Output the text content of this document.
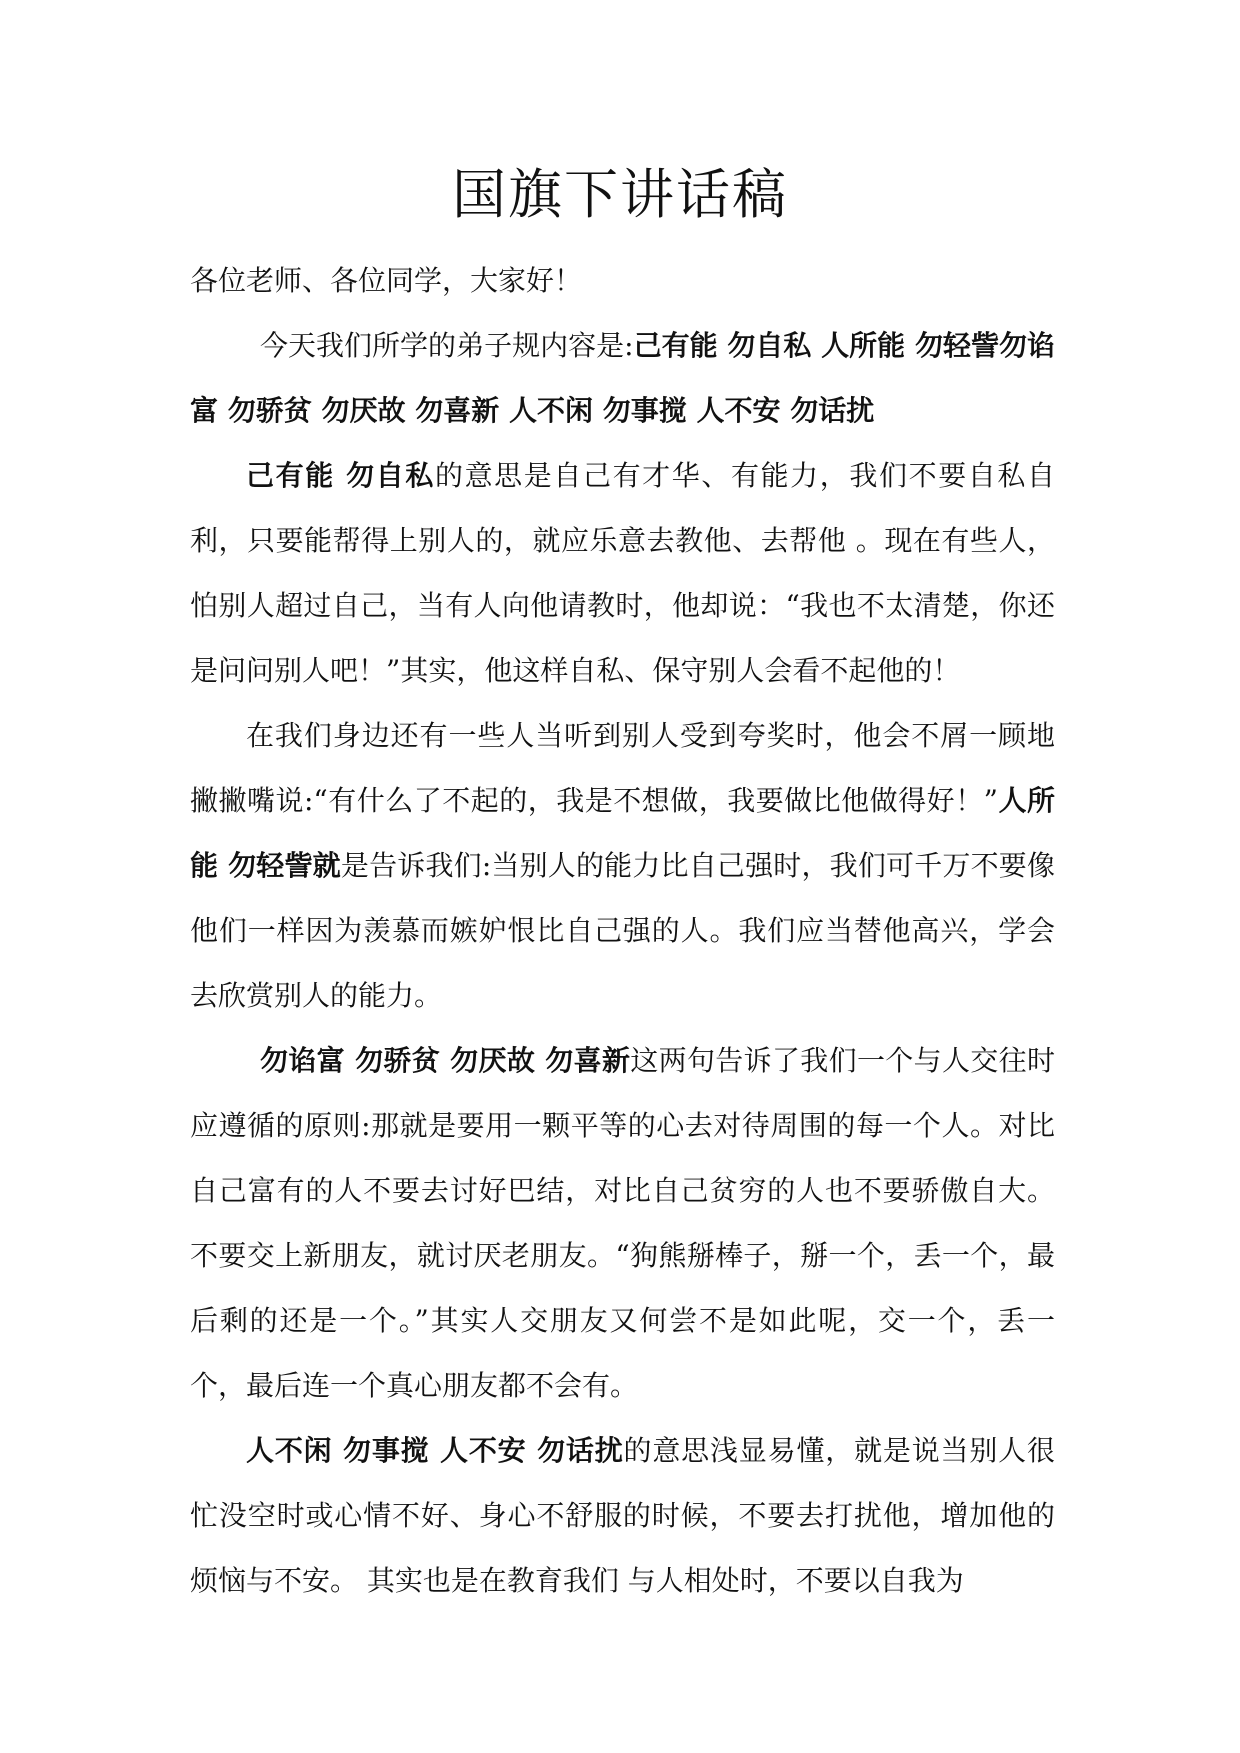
国旗下讲话稿

各位老师、各位同学，大家好！

今天我们所学的弟子规内容是:己有能 勿自私 人所能 勿轻訾勿谄富 勿骄贫 勿厌故 勿喜新 人不闲 勿事搅 人不安 勿话扰

己有能 勿自私的意思是自己有才华、有能力，我们不要自私自利，只要能帮得上别人的，就应乐意去教他、去帮他 。现在有些人，怕别人超过自己，当有人向他请教时，他却说：“我也不太清楚，你还是问问别人吧！”其实，他这样自私、保守别人会看不起他的！

在我们身边还有一些人当听到别人受到夸奖时，他会不屑一顾地撇撇嘴说:“有什么了不起的，我是不想做，我要做比他做得好！”人所能 勿轻訾就是告诉我们:当别人的能力比自己强时，我们可千万不要像他们一样因为羡慕而嫉妒恨比自己强的人。我们应当替他高兴，学会去欣赏别人的能力。

勿谄富 勿骄贫 勿厌故 勿喜新这两句告诉了我们一个与人交往时应遵循的原则:那就是要用一颗平等的心去对待周围的每一个人。对比自己富有的人不要去讨好巴结，对比自己贫穷的人也不要骄傲自大。不要交上新朋友，就讨厌老朋友。“狗熊掰棒子，掰一个，丢一个，最后剩的还是一个。”其实人交朋友又何尝不是如此呢，交一个，丢一个，最后连一个真心朋友都不会有。

人不闲 勿事搅 人不安 勿话扰的意思浅显易懂，就是说当别人很忙没空时或心情不好、身心不舒服的时候，不要去打扰他，增加他的烦恼与不安。 其实也是在教育我们 与人相处时，不要以自我为
